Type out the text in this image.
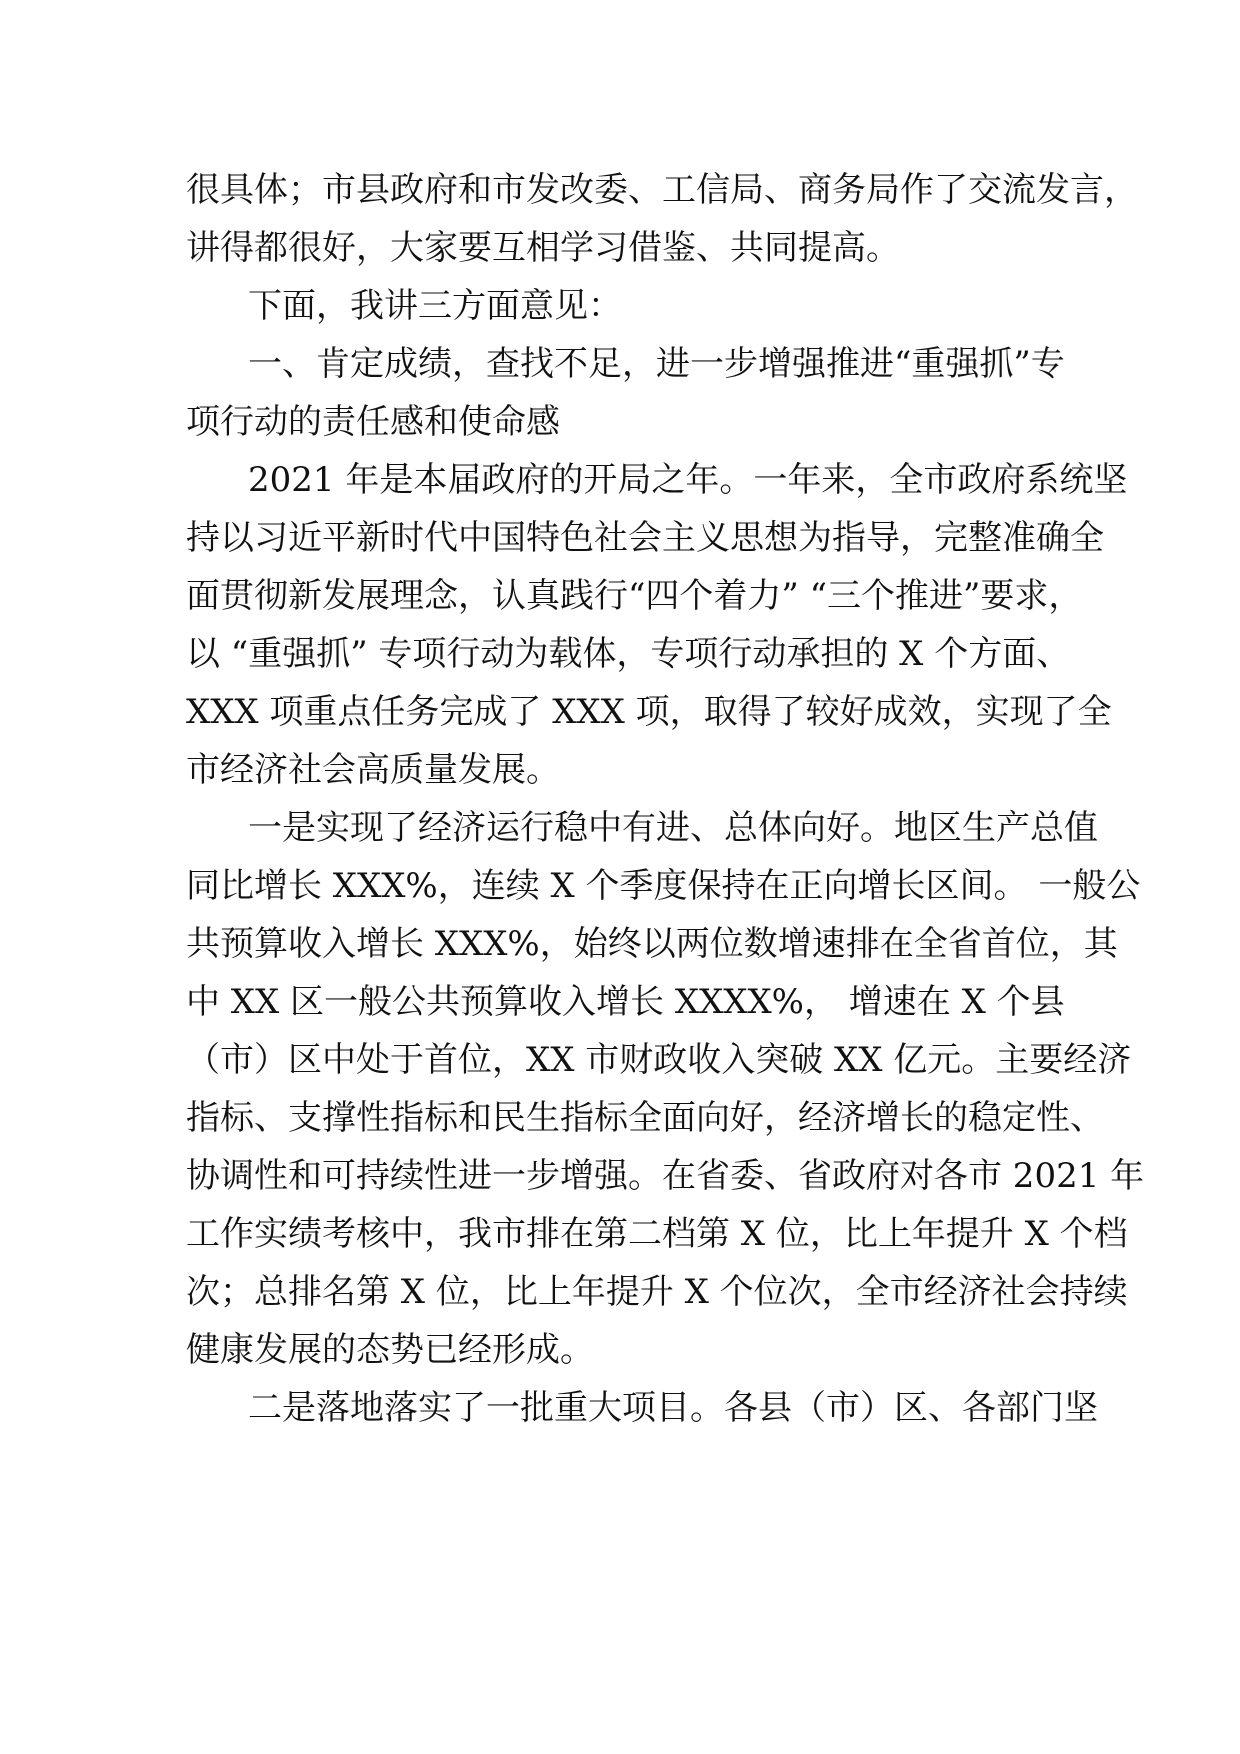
很具体；市县政府和市发改委、工信局、商务局作了交流发言，
讲得都很好，大家要互相学习借鉴、共同提高。
下面，我讲三方面意见：
一、肯定成绩，查找不足，进一步增强推进“重强抓”专
项行动的责任感和使命感
2021 年是本届政府的开局之年。一年来，全市政府系统坚
持以习近平新时代中国特色社会主义思想为指导，完整准确全
面贯彻新发展理念，认真践行“四个着力” “三个推进”要求，
以 “重强抓” 专项行动为载体，专项行动承担的 X 个方面、
XXX 项重点任务完成了 XXX 项，取得了较好成效，实现了全
市经济社会高质量发展。
一是实现了经济运行稳中有进、总体向好。地区生产总值
同比增长 XXX%，连续 X 个季度保持在正向增长区间。 一般公
共预算收入增长 XXX%，始终以两位数增速排在全省首位，其
中 XX 区一般公共预算收入增长 XXXX%， 增速在 X 个县
（市）区中处于首位，XX 市财政收入突破 XX 亿元。主要经济
指标、支撑性指标和民生指标全面向好，经济增长的稳定性、
协调性和可持续性进一步增强。在省委、省政府对各市 2021 年
工作实绩考核中，我市排在第二档第 X 位，比上年提升 X 个档
次；总排名第 X 位，比上年提升 X 个位次，全市经济社会持续
健康发展的态势已经形成。
二是落地落实了一批重大项目。各县（市）区、各部门坚
